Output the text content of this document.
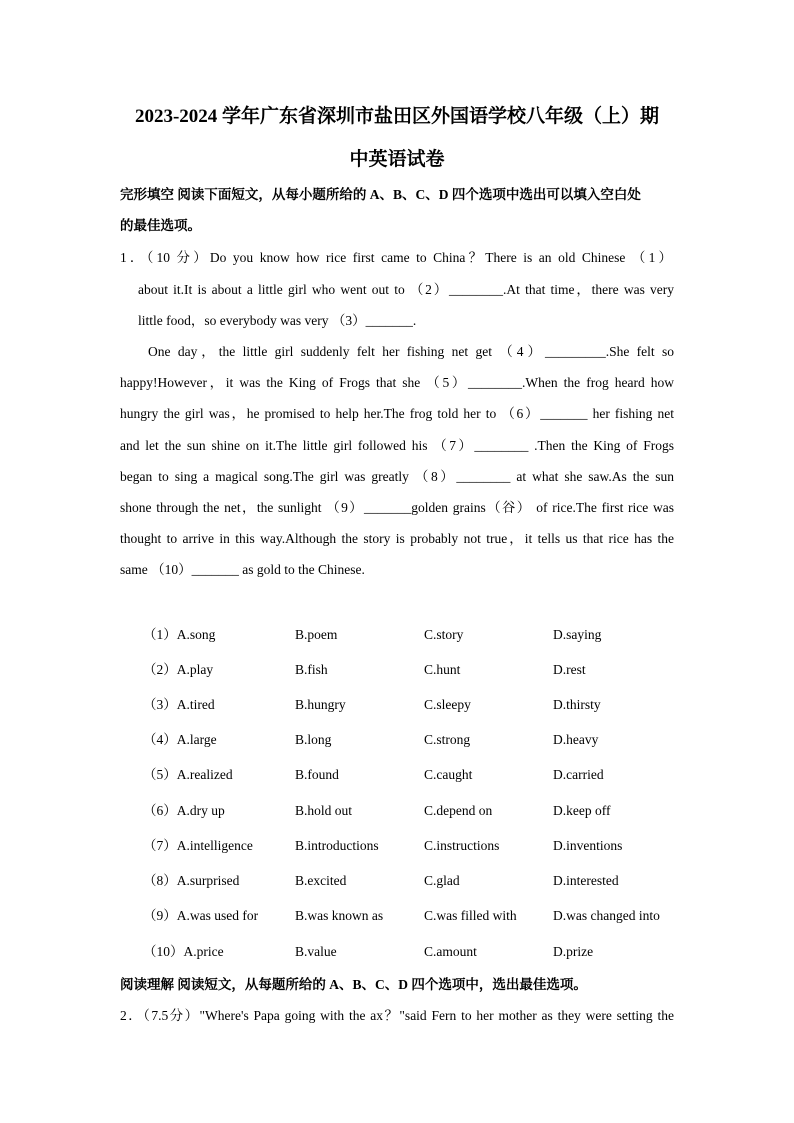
2023-2024 学年广东省深圳市盐田区外国语学校八年级（上）期
中英语试卷
完形填空 阅读下面短文，从每小题所给的 A、B、C、D 四个选项中选出可以填入空白处
的最佳选项。
1．（10 分）Do you know how rice first came to China？There is an old Chinese （1）
about it.It is about a little girl who went out to （2）________.At that time，there was very
little food，so everybody was very （3）_______.
One day，the little girl suddenly felt her fishing net get （4）_________.She felt so
happy!However，it was the King of Frogs that she （5）________.When the frog heard how
hungry the girl was，he promised to help her.The frog told her to （6）_______ her fishing net
and let the sun shine on it.The little girl followed his （7）________ .Then the King of Frogs
began to sing a magical song.The girl was greatly （8）________ at what she saw.As the sun
shone through the net，the sunlight （9）_______golden grains（谷） of rice.The first rice was
thought to arrive in this way.Although the story is probably not true，it tells us that rice has the
same （10）_______ as gold to the Chinese.
（1）A.song	B.poem	C.story	D.saying
（2）A.play	B.fish	C.hunt	D.rest
（3）A.tired	B.hungry	C.sleepy	D.thirsty
（4）A.large	B.long	C.strong	D.heavy
（5）A.realized	B.found	C.caught	D.carried
（6）A.dry up	B.hold out	C.depend on	D.keep off
（7）A.intelligence	B.introductions	C.instructions	D.inventions
（8）A.surprised	B.excited	C.glad	D.interested
（9）A.was used for	B.was known as	C.was filled with	D.was changed into
（10）A.price	B.value	C.amount	D.prize
阅读理解 阅读短文，从每题所给的 A、B、C、D 四个选项中，选出最佳选项。
2．（7.5分）"Where's Papa going with the ax？"said Fern to her mother as they were setting the
